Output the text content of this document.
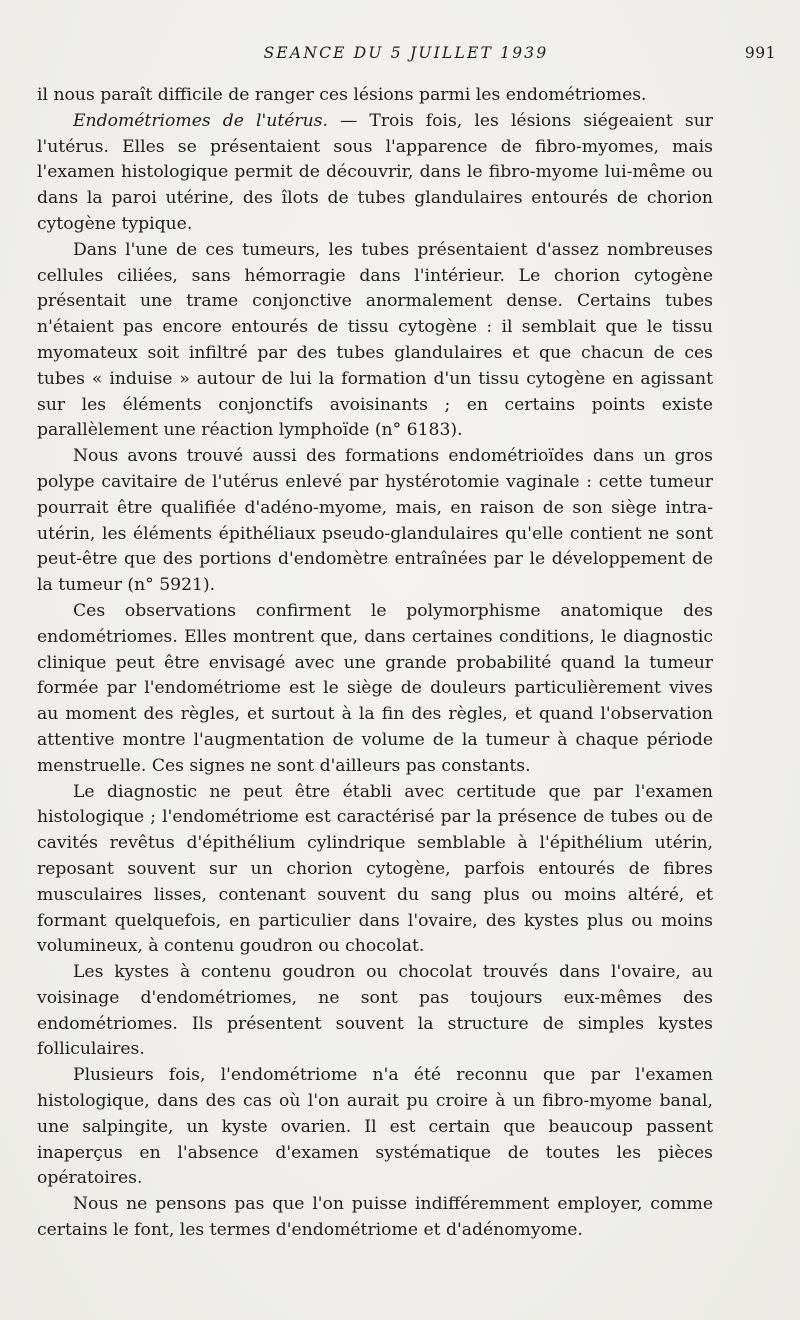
SEANCE DU 5 JUILLET 1939	991

il nous paraît difficile de ranger ces lésions parmi les endométriomes.

Endométriomes de l'utérus. — Trois fois, les lésions siégeaient sur l'utérus. Elles se présentaient sous l'apparence de fibro-myomes, mais l'examen histologique permit de découvrir, dans le fibro-myome lui-même ou dans la paroi utérine, des îlots de tubes glandulaires entourés de chorion cytogène typique.

Dans l'une de ces tumeurs, les tubes présentaient d'assez nombreuses cellules ciliées, sans hémorragie dans l'intérieur. Le chorion cytogène présentait une trame conjonctive anormalement dense. Certains tubes n'étaient pas encore entourés de tissu cytogène : il semblait que le tissu myomateux soit infiltré par des tubes glandulaires et que chacun de ces tubes « induise » autour de lui la formation d'un tissu cytogène en agissant sur les éléments conjonctifs avoisinants ; en certains points existe parallèlement une réaction lymphoïde (n° 6183).

Nous avons trouvé aussi des formations endométrioïdes dans un gros polype cavitaire de l'utérus enlevé par hystérotomie vaginale : cette tumeur pourrait être qualifiée d'adéno-myome, mais, en raison de son siège intra-utérin, les éléments épithéliaux pseudo-glandulaires qu'elle contient ne sont peut-être que des portions d'endomètre entraînées par le développement de la tumeur (n° 5921).

Ces observations confirment le polymorphisme anatomique des endométriomes. Elles montrent que, dans certaines conditions, le diagnostic clinique peut être envisagé avec une grande probabilité quand la tumeur formée par l'endométriome est le siège de douleurs particulièrement vives au moment des règles, et surtout à la fin des règles, et quand l'observation attentive montre l'augmentation de volume de la tumeur à chaque période menstruelle. Ces signes ne sont d'ailleurs pas constants.

Le diagnostic ne peut être établi avec certitude que par l'examen histologique ; l'endométriome est caractérisé par la présence de tubes ou de cavités revêtus d'épithélium cylindrique semblable à l'épithélium utérin, reposant souvent sur un chorion cytogène, parfois entourés de fibres musculaires lisses, contenant souvent du sang plus ou moins altéré, et formant quelquefois, en particulier dans l'ovaire, des kystes plus ou moins volumineux, à contenu goudron ou chocolat.

Les kystes à contenu goudron ou chocolat trouvés dans l'ovaire, au voisinage d'endométriomes, ne sont pas toujours eux-mêmes des endométriomes. Ils présentent souvent la structure de simples kystes folliculaires.

Plusieurs fois, l'endométriome n'a été reconnu que par l'examen histologique, dans des cas où l'on aurait pu croire à un fibro-myome banal, une salpingite, un kyste ovarien. Il est certain que beaucoup passent inaperçus en l'absence d'examen systématique de toutes les pièces opératoires.

Nous ne pensons pas que l'on puisse indifféremment employer, comme certains le font, les termes d'endométriome et d'adénomyome.
